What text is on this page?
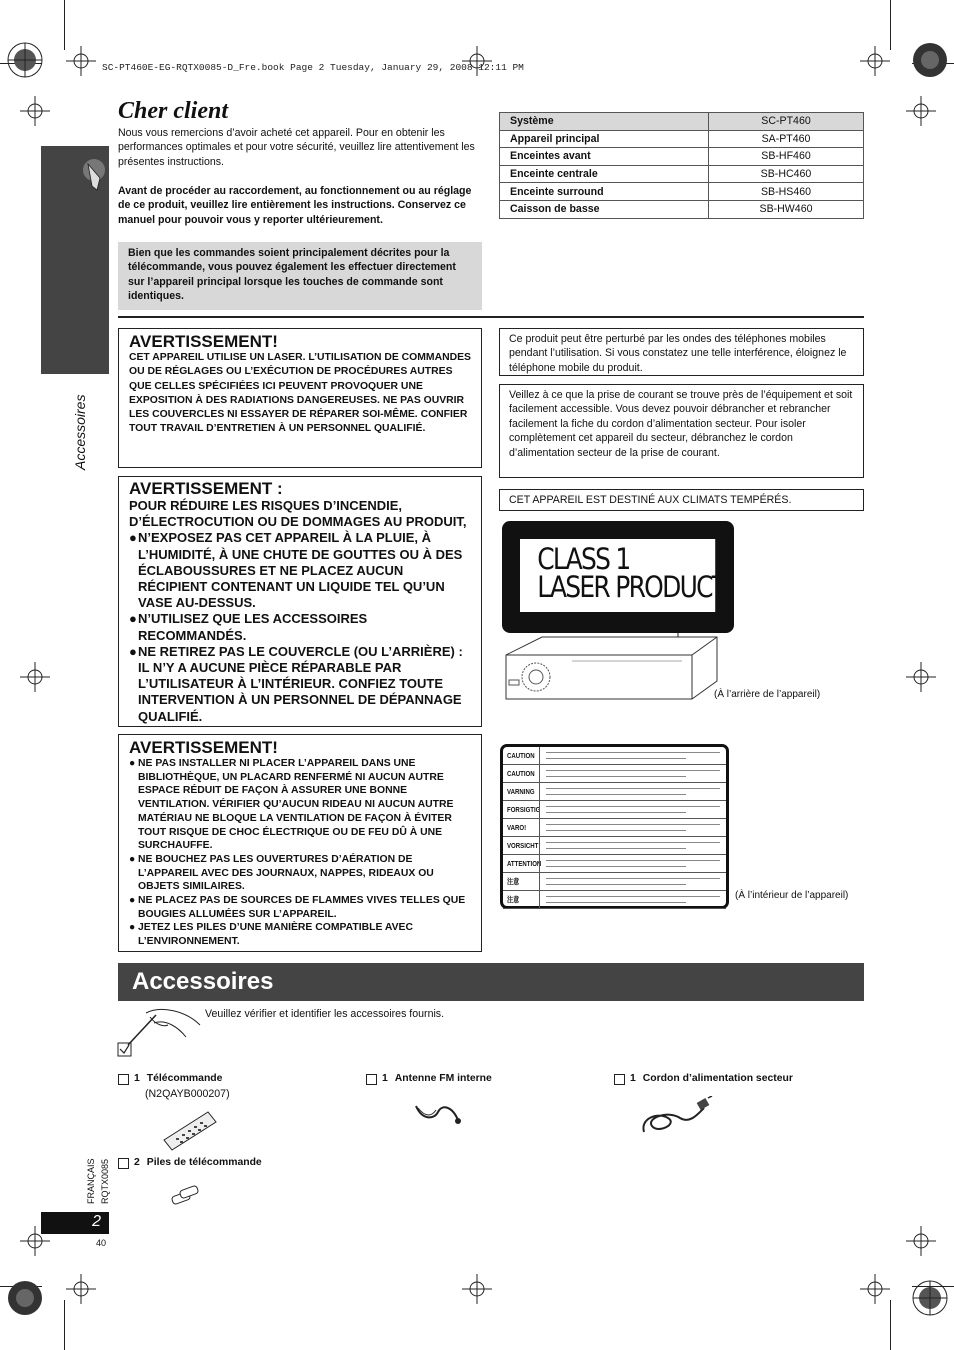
SC-PT460E-EG-RQTX0085-D_Fre.book Page 2 Tuesday, January 29, 2008 12:11 PM
Accessoires
Cher client

Nous vous remercions d’avoir acheté cet appareil. Pour en obtenir les performances optimales et pour votre sécurité, veuillez lire attentivement les présentes instructions.

Avant de procéder au raccordement, au fonctionnement ou au réglage de ce produit, veuillez lire entièrement les instructions. Conservez ce manuel pour pouvoir vous y reporter ultérieurement.

Bien que les commandes soient principalement décrites pour la télécommande, vous pouvez également les effectuer directement sur l’appareil principal lorsque les touches de commande sont identiques.
Système	SC-PT460
Appareil principal	SA-PT460
Enceintes avant	SB-HF460
Enceinte centrale	SB-HC460
Enceinte surround	SB-HS460
Caisson de basse	SB-HW460
AVERTISSEMENT!
CET APPAREIL UTILISE UN LASER. L’UTILISATION DE COMMANDES OU DE RÉGLAGES OU L’EXÉCUTION DE PROCÉDURES AUTRES QUE CELLES SPÉCIFIÉES ICI PEUVENT PROVOQUER UNE EXPOSITION À DES RADIATIONS DANGEREUSES. NE PAS OUVRIR LES COUVERCLES NI ESSAYER DE RÉPARER SOI-MÊME. CONFIER TOUT TRAVAIL D’ENTRETIEN À UN PERSONNEL QUALIFIÉ.
AVERTISSEMENT :
POUR RÉDUIRE LES RISQUES D’INCENDIE, D’ÉLECTROCUTION OU DE DOMMAGES AU PRODUIT,
● N’EXPOSEZ PAS CET APPAREIL À LA PLUIE, À L’HUMIDITÉ, À UNE CHUTE DE GOUTTES OU À DES ÉCLABOUSSURES ET NE PLACEZ AUCUN RÉCIPIENT CONTENANT UN LIQUIDE TEL QU’UN VASE AU-DESSUS.
● N’UTILISEZ QUE LES ACCESSOIRES RECOMMANDÉS.
● NE RETIREZ PAS LE COUVERCLE (OU L’ARRIÈRE) : IL N’Y A AUCUNE PIÈCE RÉPARABLE PAR L’UTILISATEUR À L’INTÉRIEUR. CONFIEZ TOUTE INTERVENTION À UN PERSONNEL DE DÉPANNAGE QUALIFIÉ.
AVERTISSEMENT!
● NE PAS INSTALLER NI PLACER L’APPAREIL DANS UNE BIBLIOTHÈQUE, UN PLACARD RENFERMÉ NI AUCUN AUTRE ESPACE RÉDUIT DE FAÇON À ASSURER UNE BONNE VENTILATION. VÉRIFIER QU’AUCUN RIDEAU NI AUCUN AUTRE MATÉRIAU NE BLOQUE LA VENTILATION DE FAÇON À ÉVITER TOUT RISQUE DE CHOC ÉLECTRIQUE OU DE FEU DÛ À UNE SURCHAUFFE.
● NE BOUCHEZ PAS LES OUVERTURES D’AÉRATION DE L’APPAREIL AVEC DES JOURNAUX, NAPPES, RIDEAUX OU OBJETS SIMILAIRES.
● NE PLACEZ PAS DE SOURCES DE FLAMMES VIVES TELLES QUE BOUGIES ALLUMÉES SUR L’APPAREIL.
● JETEZ LES PILES D’UNE MANIÈRE COMPATIBLE AVEC L’ENVIRONNEMENT.
Ce produit peut être perturbé par les ondes des téléphones mobiles pendant l’utilisation. Si vous constatez une telle interférence, éloignez le téléphone mobile du produit.
Veillez à ce que la prise de courant se trouve près de l’équipement et soit facilement accessible. Vous devez pouvoir débrancher et rebrancher facilement la fiche du cordon d’alimentation secteur. Pour isoler complètement cet appareil du secteur, débranchez le cordon d’alimentation secteur de la prise de courant.
CET APPAREIL EST DESTINÉ AUX CLIMATS TEMPÉRÉS.
CLASS 1
LASER PRODUCT
(À l’arrière de l’appareil)
CAUTION
CAUTION
VARNING
FORSIGTIG
VARO!
VORSICHT
ATTENTION
注意
注意	(À l’intérieur de l’appareil)
Accessoires
Veuillez vérifier et identifier les accessoires fournis.
1 Télécommande
(N2QAYB000207)
1 Antenne FM interne	1 Cordon d’alimentation secteur
2 Piles de télécommande
FRANÇAIS RQTX0085
2
40
